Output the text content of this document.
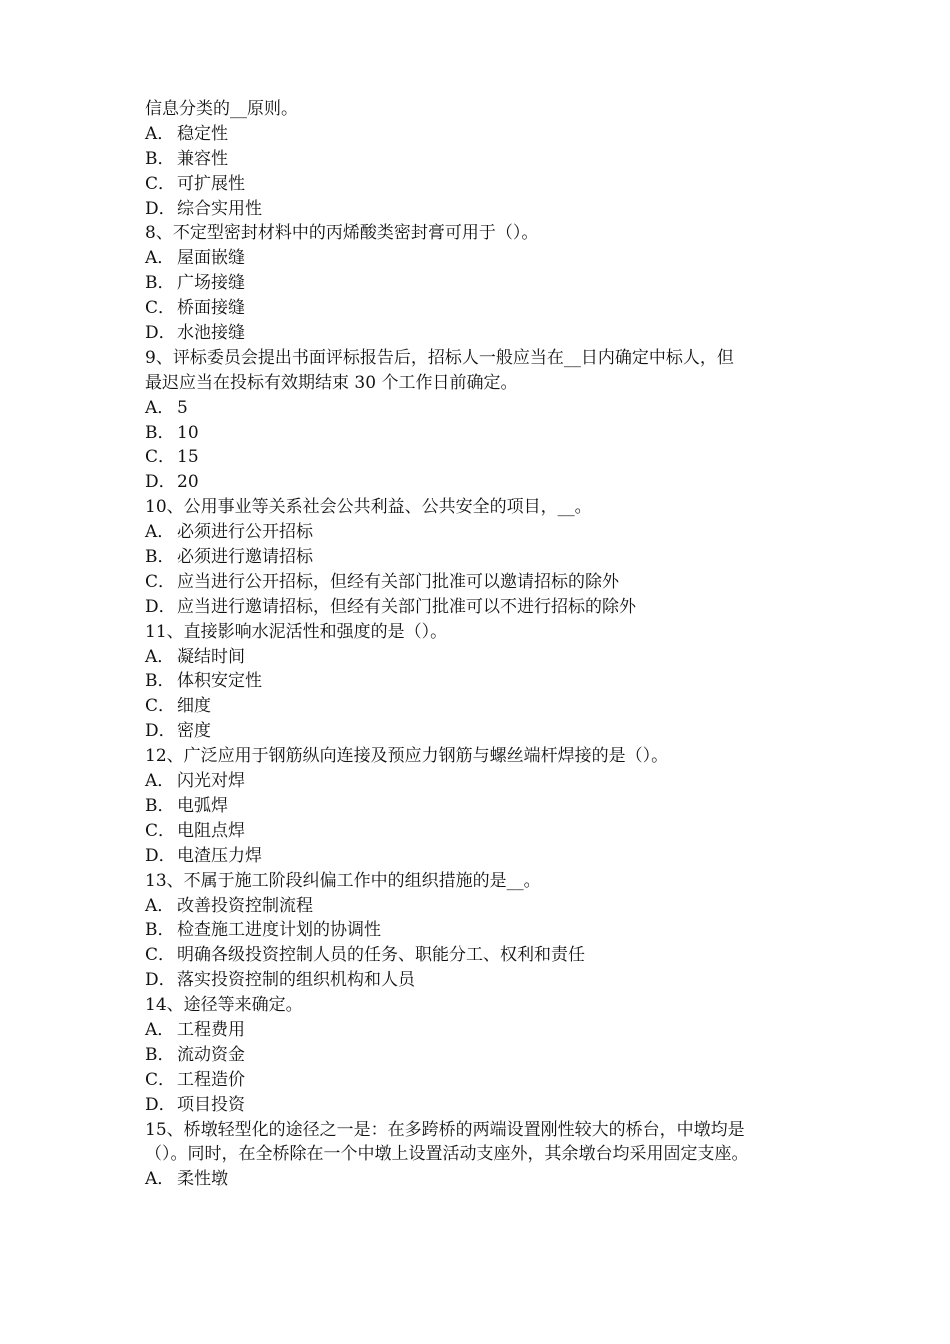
信息分类的__原则。
A． 稳定性
B． 兼容性
C． 可扩展性
D．综合实用性
8、不定型密封材料中的丙烯酸类密封膏可用于（）。
A． 屋面嵌缝
B． 广场接缝
C． 桥面接缝
D．水池接缝
9、评标委员会提出书面评标报告后，招标人一般应当在__日内确定中标人，但
最迟应当在投标有效期结束 30 个工作日前确定。
A． 5
B． 10
C． 15
D．20
10、公用事业等关系社会公共利益、公共安全的项目，__。
A． 必须进行公开招标
B． 必须进行邀请招标
C． 应当进行公开招标，但经有关部门批准可以邀请招标的除外
D．应当进行邀请招标，但经有关部门批准可以不进行招标的除外
11、直接影响水泥活性和强度的是（）。
A． 凝结时间
B． 体积安定性
C． 细度
D．密度
12、广泛应用于钢筋纵向连接及预应力钢筋与螺丝端杆焊接的是（）。
A． 闪光对焊
B． 电弧焊
C． 电阻点焊
D．电渣压力焊
13、不属于施工阶段纠偏工作中的组织措施的是__。
A． 改善投资控制流程
B． 检查施工进度计划的协调性
C． 明确各级投资控制人员的任务、职能分工、权利和责任
D．落实投资控制的组织机构和人员
14、途径等来确定。
A． 工程费用
B． 流动资金
C． 工程造价
D．项目投资
15、桥墩轻型化的途径之一是：在多跨桥的两端设置刚性较大的桥台，中墩均是
（）。同时，在全桥除在一个中墩上设置活动支座外，其余墩台均采用固定支座。
A． 柔性墩
